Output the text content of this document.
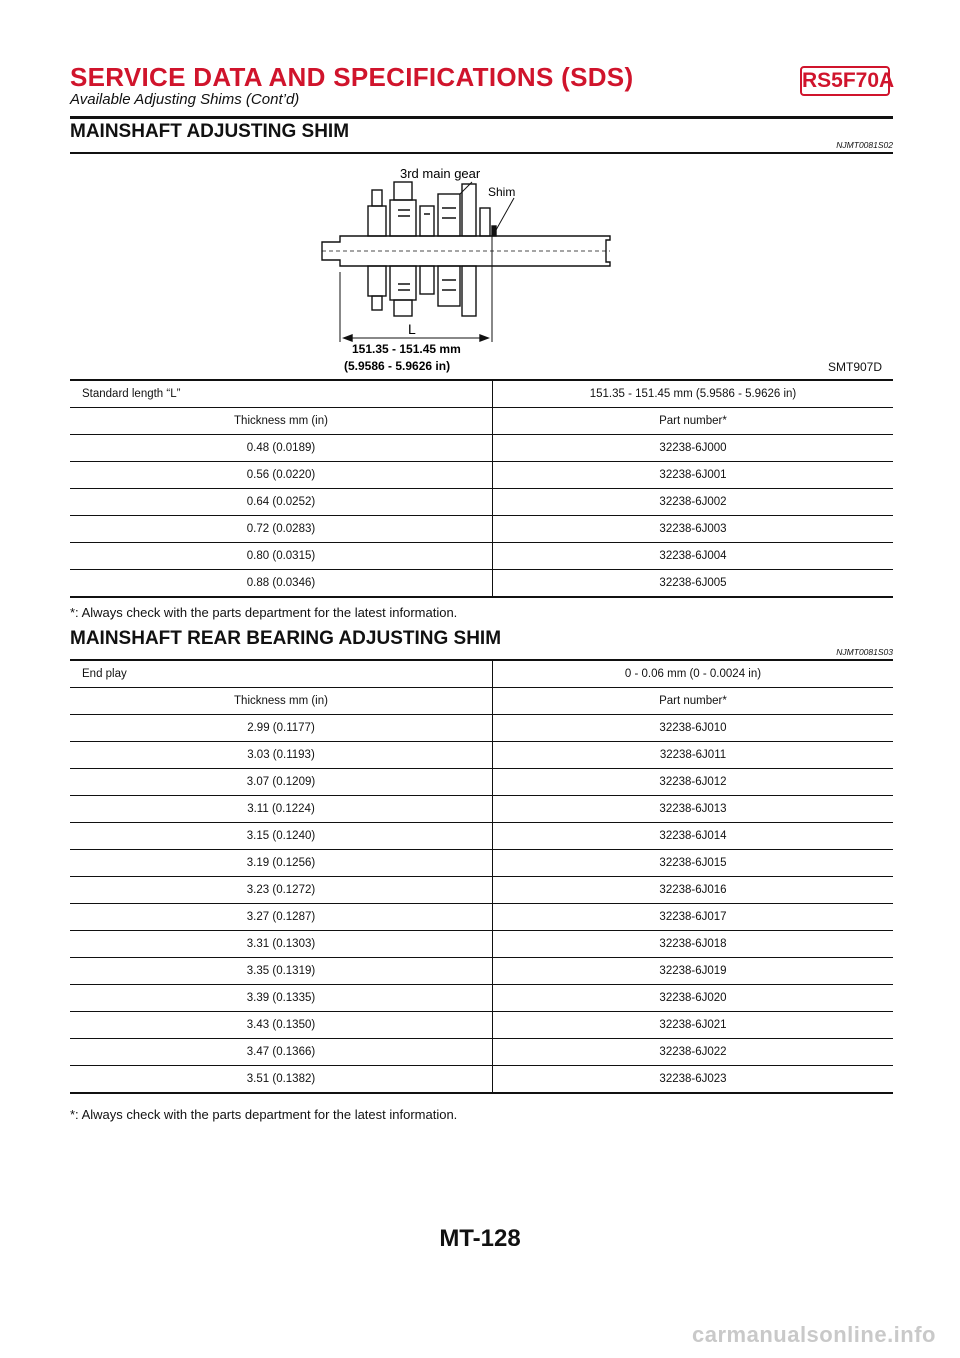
SERVICE DATA AND SPECIFICATIONS (SDS)	RS5F70A
Available Adjusting Shims (Cont’d)
MAINSHAFT ADJUSTING SHIM
NJMT0081S02
3rd main gear
Shim
L
151.35 - 151.45 mm
(5.9586 - 5.9626 in)	SMT907D
Standard length “L”	151.35 - 151.45 mm (5.9586 - 5.9626 in)
Thickness mm (in)	Part number*
0.48 (0.0189)	32238-6J000
0.56 (0.0220)	32238-6J001
0.64 (0.0252)	32238-6J002
0.72 (0.0283)	32238-6J003
0.80 (0.0315)	32238-6J004
0.88 (0.0346)	32238-6J005
*: Always check with the parts department for the latest information.
MAINSHAFT REAR BEARING ADJUSTING SHIM
NJMT0081S03
End play	0 - 0.06 mm (0 - 0.0024 in)
Thickness mm (in)	Part number*
2.99 (0.1177)	32238-6J010
3.03 (0.1193)	32238-6J011
3.07 (0.1209)	32238-6J012
3.11 (0.1224)	32238-6J013
3.15 (0.1240)	32238-6J014
3.19 (0.1256)	32238-6J015
3.23 (0.1272)	32238-6J016
3.27 (0.1287)	32238-6J017
3.31 (0.1303)	32238-6J018
3.35 (0.1319)	32238-6J019
3.39 (0.1335)	32238-6J020
3.43 (0.1350)	32238-6J021
3.47 (0.1366)	32238-6J022
3.51 (0.1382)	32238-6J023
*: Always check with the parts department for the latest information.
MT-128
carmanualsonline.info
